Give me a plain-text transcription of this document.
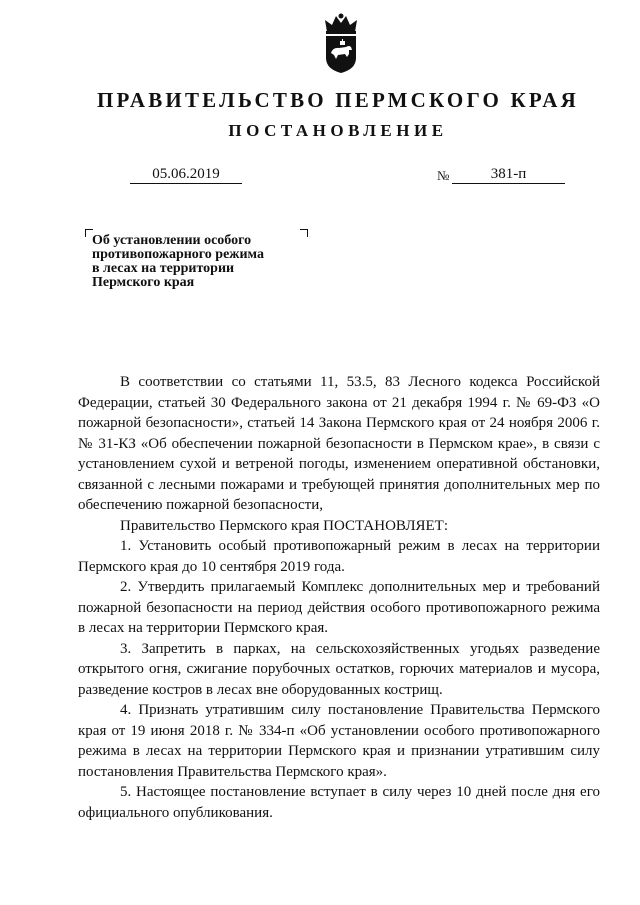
ПРАВИТЕЛЬСТВО ПЕРМСКОГО КРАЯ
ПОСТАНОВЛЕНИЕ
05.06.2019	№	381-п
Об установлении особого
противопожарного режима
в лесах на территории
Пермского края

В соответствии со статьями 11, 53.5, 83 Лесного кодекса Российской Федерации, статьей 30 Федерального закона от 21 декабря 1994 г. № 69-ФЗ «О пожарной безопасности», статьей 14 Закона Пермского края от 24 ноября 2006 г. № 31-КЗ «Об обеспечении пожарной безопасности в Пермском крае», в связи с установлением сухой и ветреной погоды, изменением оперативной обстановки, связанной с лесными пожарами и требующей принятия дополнительных мер по обеспечению пожарной безопасности,

Правительство Пермского края ПОСТАНОВЛЯЕТ:

1. Установить особый противопожарный режим в лесах на территории Пермского края до 10 сентября 2019 года.

2. Утвердить прилагаемый Комплекс дополнительных мер и требований пожарной безопасности на период действия особого противопожарного режима в лесах на территории Пермского края.

3. Запретить в парках, на сельскохозяйственных угодьях разведение открытого огня, сжигание порубочных остатков, горючих материалов и мусора, разведение костров в лесах вне оборудованных кострищ.

4. Признать утратившим силу постановление Правительства Пермского края от 19 июня 2018 г. № 334-п «Об установлении особого противопожарного режима в лесах на территории Пермского края и признании утратившим силу постановления Правительства Пермского края».

5. Настоящее постановление вступает в силу через 10 дней после дня его официального опубликования.
